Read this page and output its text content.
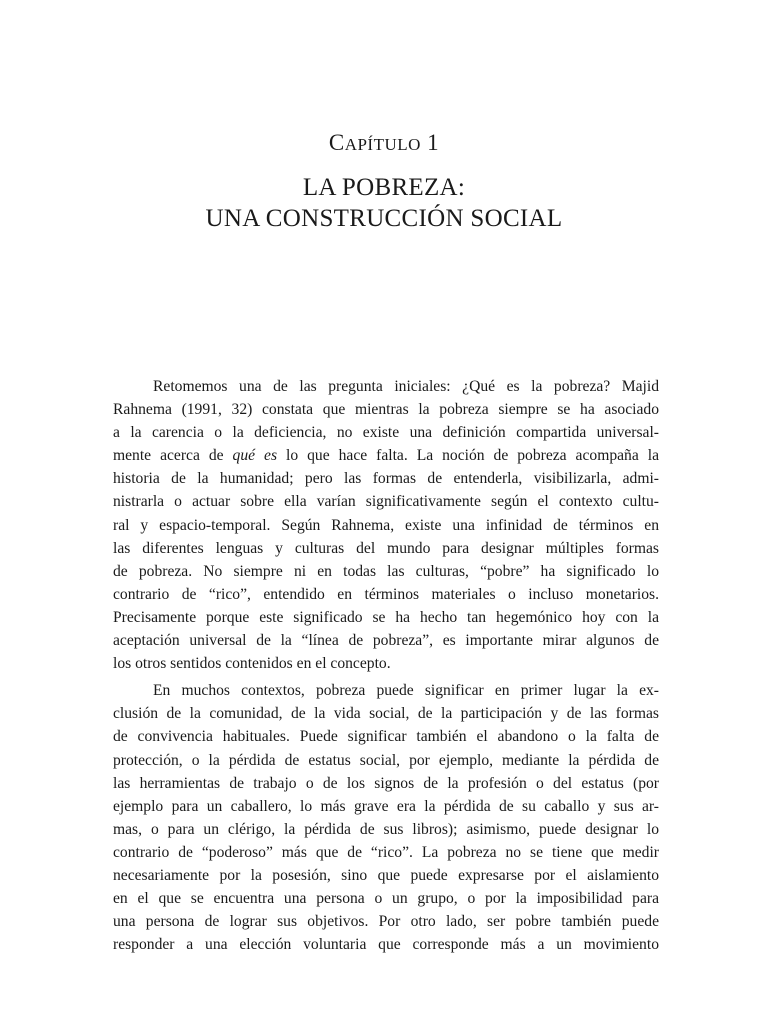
CAPÍTULO 1
LA POBREZA:
UNA CONSTRUCCIÓN SOCIAL
Retomemos una de las pregunta iniciales: ¿Qué es la pobreza? Majid
Rahnema (1991, 32) constata que mientras la pobreza siempre se ha asociado
a la carencia o la deficiencia, no existe una definición compartida universal-
mente acerca de qué es lo que hace falta. La noción de pobreza acompaña la
historia de la humanidad; pero las formas de entenderla, visibilizarla, admi-
nistrarla o actuar sobre ella varían significativamente según el contexto cultu-
ral y espacio-temporal. Según Rahnema, existe una infinidad de términos en
las diferentes lenguas y culturas del mundo para designar múltiples formas
de pobreza. No siempre ni en todas las culturas, “pobre” ha significado lo
contrario de “rico”, entendido en términos materiales o incluso monetarios.
Precisamente porque este significado se ha hecho tan hegemónico hoy con la
aceptación universal de la “línea de pobreza”, es importante mirar algunos de
los otros sentidos contenidos en el concepto.
En muchos contextos, pobreza puede significar en primer lugar la ex-
clusión de la comunidad, de la vida social, de la participación y de las formas
de convivencia habituales. Puede significar también el abandono o la falta de
protección, o la pérdida de estatus social, por ejemplo, mediante la pérdida de
las herramientas de trabajo o de los signos de la profesión o del estatus (por
ejemplo para un caballero, lo más grave era la pérdida de su caballo y sus ar-
mas, o para un clérigo, la pérdida de sus libros); asimismo, puede designar lo
contrario de “poderoso” más que de “rico”. La pobreza no se tiene que medir
necesariamente por la posesión, sino que puede expresarse por el aislamiento
en el que se encuentra una persona o un grupo, o por la imposibilidad para
una persona de lograr sus objetivos. Por otro lado, ser pobre también puede
responder a una elección voluntaria que corresponde más a un movimiento
